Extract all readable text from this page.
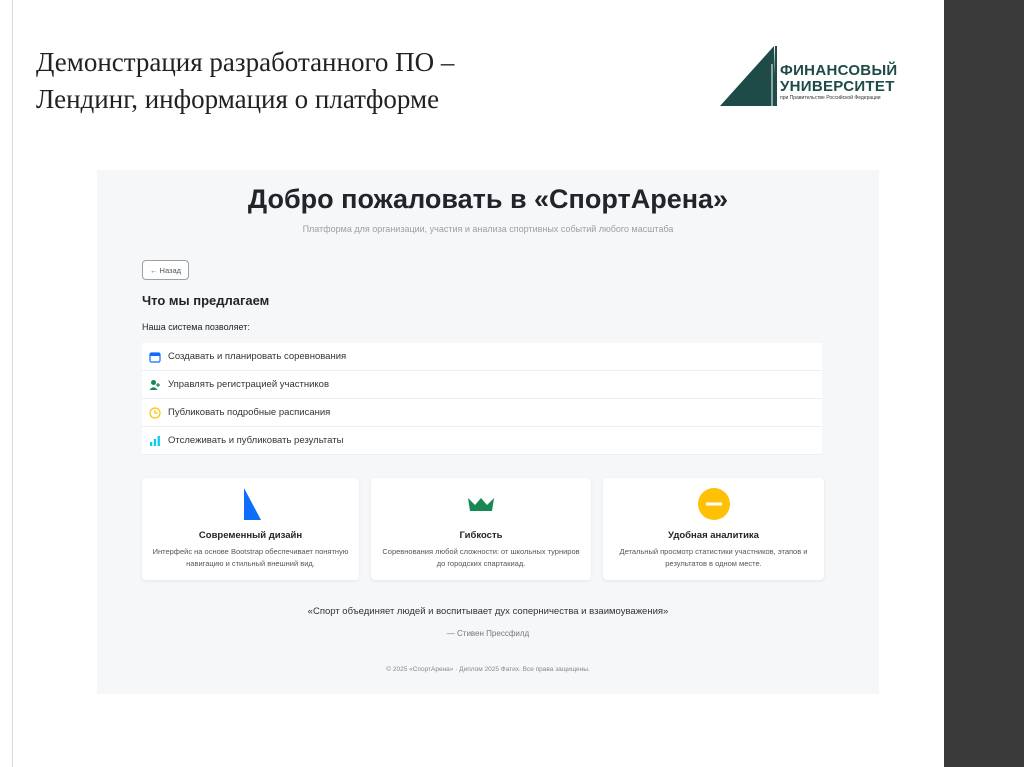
Демонстрация разработанного ПО –
Лендинг, информация о платформе
ФИНАНСОВЫЙ
УНИВЕРСИТЕТ
при Правительстве Российской Федерации
Добро пожаловать в «СпортАрена»
Платформа для организации, участия и анализа спортивных событий любого масштаба
← Назад
Что мы предлагаем
Наша система позволяет:
Создавать и планировать соревнования
Управлять регистрацией участников
Публиковать подробные расписания
Отслеживать и публиковать результаты
Современный дизайн
Интерфейс на основе Bootstrap обеспечивает понятную навигацию и стильный внешний вид.
Гибкость
Соревнования любой сложности: от школьных турниров до городских спартакиад.
Удобная аналитика
Детальный просмотр статистики участников, этапов и результатов в одном месте.
«Спорт объединяет людей и воспитывает дух соперничества и взаимоуважения»
— Стивен Прессфилд
© 2025 «СпортАрена» · Диплом 2025 Фатих. Все права защищены.
